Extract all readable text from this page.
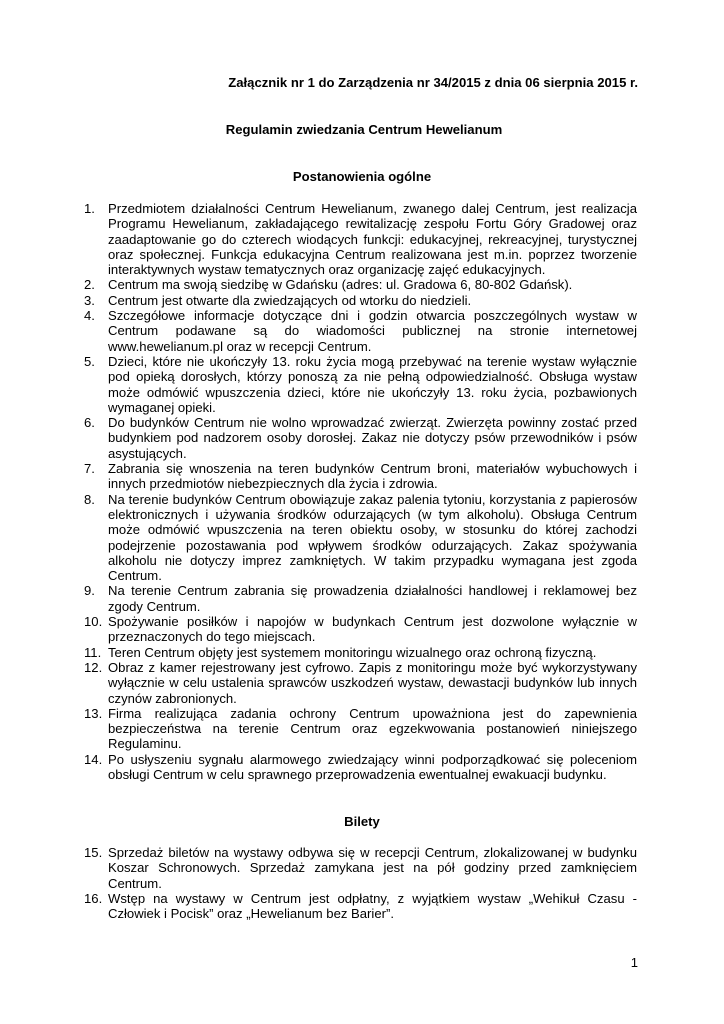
Załącznik nr 1 do Zarządzenia nr 34/2015 z dnia 06 sierpnia 2015 r.
Regulamin zwiedzania Centrum Hewelianum
Postanowienia ogólne
1. Przedmiotem działalności Centrum Hewelianum, zwanego dalej Centrum, jest realizacja Programu Hewelianum, zakładającego rewitalizację zespołu Fortu Góry Gradowej oraz zaadaptowanie go do czterech wiodących funkcji: edukacyjnej, rekreacyjnej, turystycznej oraz społecznej. Funkcja edukacyjna Centrum realizowana jest m.in. poprzez tworzenie interaktywnych wystaw tematycznych oraz organizację zajęć edukacyjnych.
2. Centrum ma swoją siedzibę w Gdańsku (adres: ul. Gradowa 6, 80-802 Gdańsk).
3. Centrum jest otwarte dla zwiedzających od wtorku do niedzieli.
4. Szczegółowe informacje dotyczące dni i godzin otwarcia poszczególnych wystaw w Centrum podawane są do wiadomości publicznej na stronie internetowej www.hewelianum.pl oraz w recepcji Centrum.
5. Dzieci, które nie ukończyły 13. roku życia mogą przebywać na terenie wystaw wyłącznie pod opieką dorosłych, którzy ponoszą za nie pełną odpowiedzialność. Obsługa wystaw może odmówić wpuszczenia dzieci, które nie ukończyły 13. roku życia, pozbawionych wymaganej opieki.
6. Do budynków Centrum nie wolno wprowadzać zwierząt. Zwierzęta powinny zostać przed budynkiem pod nadzorem osoby dorosłej. Zakaz nie dotyczy psów przewodników i psów asystujących.
7. Zabrania się wnoszenia na teren budynków Centrum broni, materiałów wybuchowych i innych przedmiotów niebezpiecznych dla życia i zdrowia.
8. Na terenie budynków Centrum obowiązuje zakaz palenia tytoniu, korzystania z papierosów elektronicznych i używania środków odurzających (w tym alkoholu). Obsługa Centrum może odmówić wpuszczenia na teren obiektu osoby, w stosunku do której zachodzi podejrzenie pozostawania pod wpływem środków odurzających. Zakaz spożywania alkoholu nie dotyczy imprez zamkniętych. W takim przypadku wymagana jest zgoda Centrum.
9. Na terenie Centrum zabrania się prowadzenia działalności handlowej i reklamowej bez zgody Centrum.
10. Spożywanie posiłków i napojów w budynkach Centrum jest dozwolone wyłącznie w przeznaczonych do tego miejscach.
11. Teren Centrum objęty jest systemem monitoringu wizualnego oraz ochroną fizyczną.
12. Obraz z kamer rejestrowany jest cyfrowo. Zapis z monitoringu może być wykorzystywany wyłącznie w celu ustalenia sprawców uszkodzeń wystaw, dewastacji budynków lub innych czynów zabronionych.
13. Firma realizująca zadania ochrony Centrum upoważniona jest do zapewnienia bezpieczeństwa na terenie Centrum oraz egzekwowania postanowień niniejszego Regulaminu.
14. Po usłyszeniu sygnału alarmowego zwiedzający winni podporządkować się poleceniom obsługi Centrum w celu sprawnego przeprowadzenia ewentualnej ewakuacji budynku.
Bilety
15. Sprzedaż biletów na wystawy odbywa się w recepcji Centrum, zlokalizowanej w budynku Koszar Schronowych. Sprzedaż zamykana jest na pół godziny przed zamknięciem Centrum.
16. Wstęp na wystawy w Centrum jest odpłatny, z wyjątkiem wystaw „Wehikuł Czasu - Człowiek i Pocisk” oraz „Hewelianum bez Barier”.
1
